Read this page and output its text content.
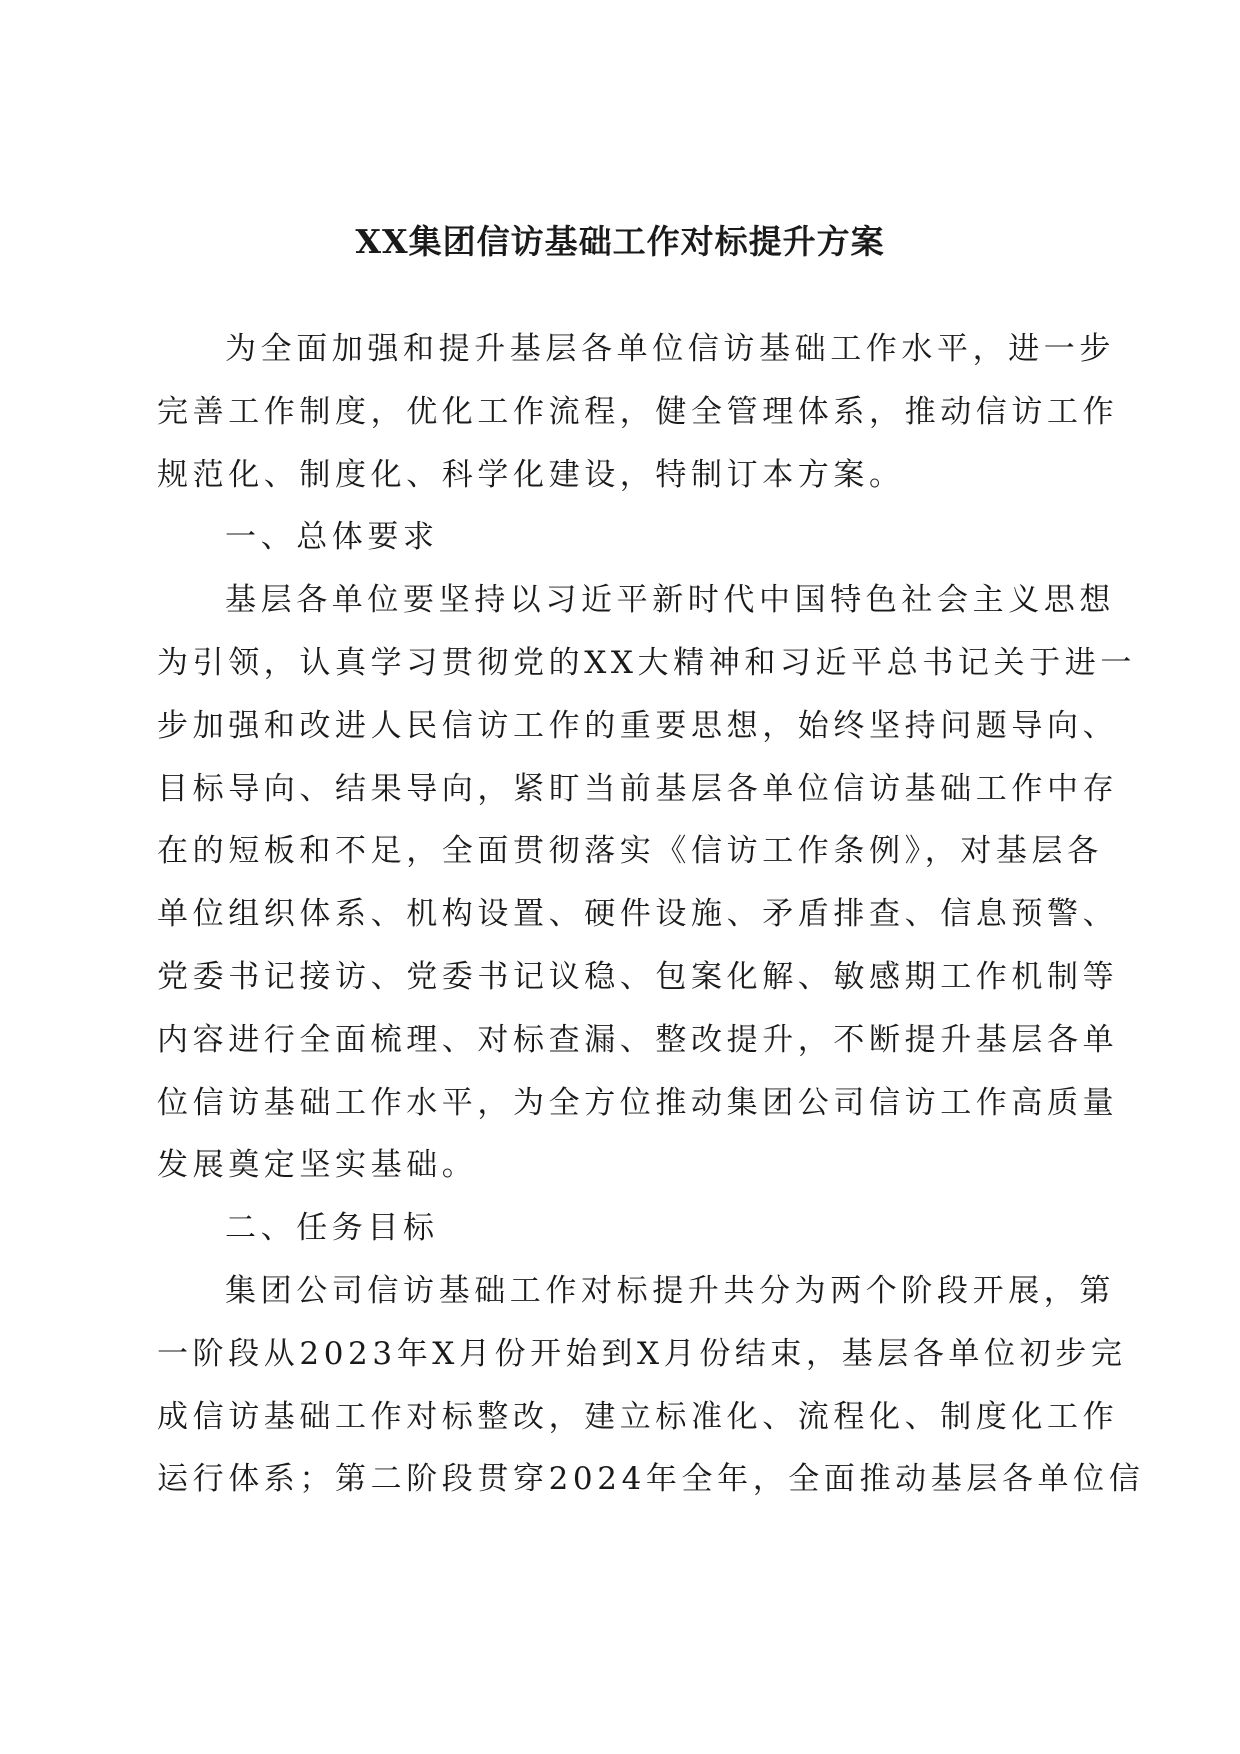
XX集团信访基础工作对标提升方案
为全面加强和提升基层各单位信访基础工作水平，进一步
完善工作制度，优化工作流程，健全管理体系，推动信访工作
规范化、制度化、科学化建设，特制订本方案。
一、总体要求
基层各单位要坚持以习近平新时代中国特色社会主义思想
为引领，认真学习贯彻党的XX大精神和习近平总书记关于进一
步加强和改进人民信访工作的重要思想，始终坚持问题导向、
目标导向、结果导向，紧盯当前基层各单位信访基础工作中存
在的短板和不足，全面贯彻落实《信访工作条例》，对基层各
单位组织体系、机构设置、硬件设施、矛盾排查、信息预警、
党委书记接访、党委书记议稳、包案化解、敏感期工作机制等
内容进行全面梳理、对标查漏、整改提升，不断提升基层各单
位信访基础工作水平，为全方位推动集团公司信访工作高质量
发展奠定坚实基础。
二、任务目标
集团公司信访基础工作对标提升共分为两个阶段开展，第
一阶段从2023年X月份开始到X月份结束，基层各单位初步完
成信访基础工作对标整改，建立标准化、流程化、制度化工作
运行体系；第二阶段贯穿2024年全年，全面推动基层各单位信
